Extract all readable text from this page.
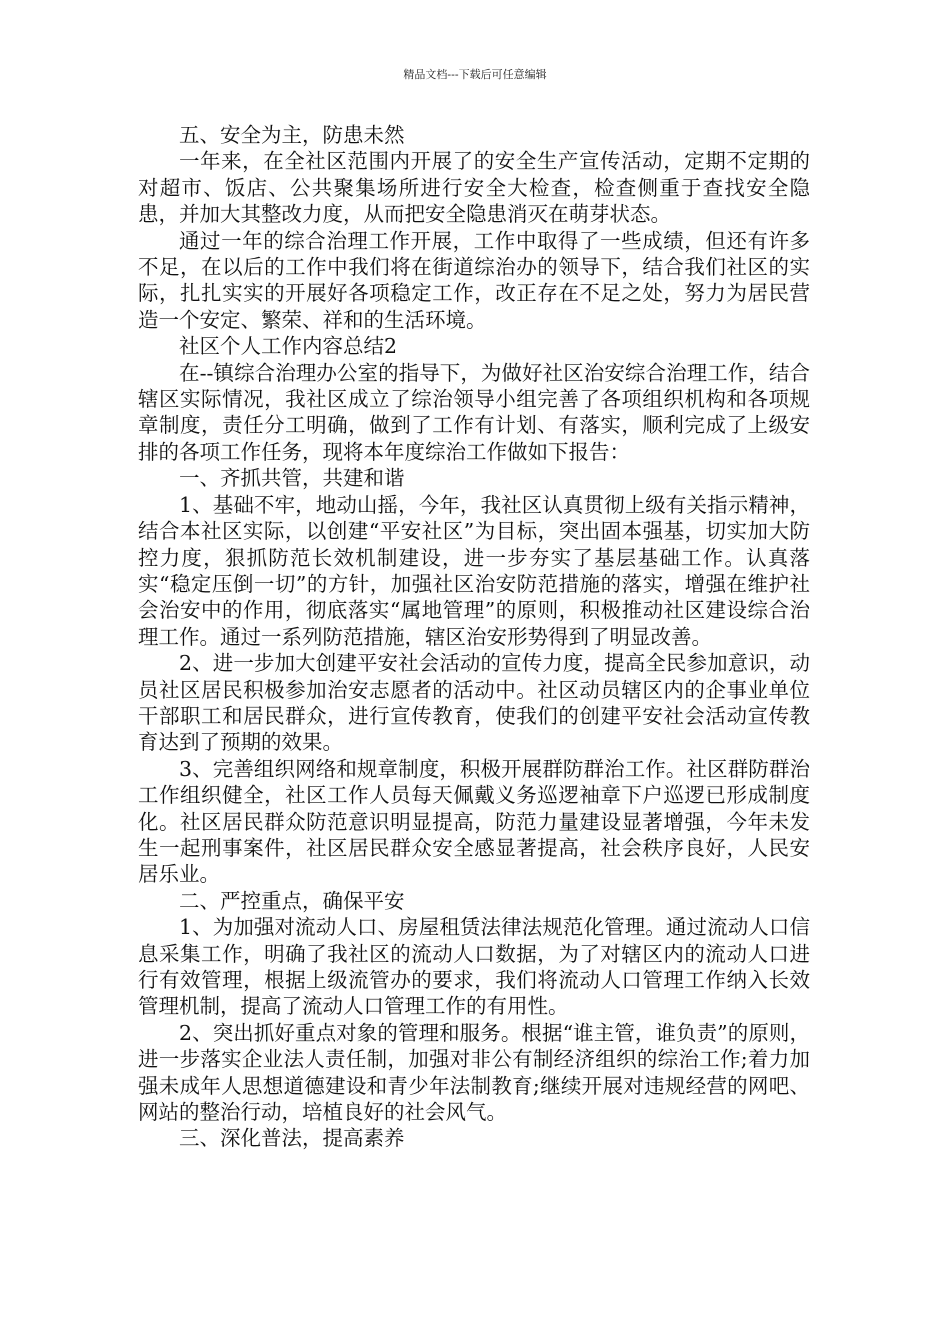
精品文档---下载后可任意编辑

五、安全为主，防患未然

一年来，在全社区范围内开展了的安全生产宣传活动，定期不定期的对超市、饭店、公共聚集场所进行安全大检查，检查侧重于查找安全隐患，并加大其整改力度，从而把安全隐患消灭在萌芽状态。

通过一年的综合治理工作开展，工作中取得了一些成绩，但还有许多不足，在以后的工作中我们将在街道综治办的领导下，结合我们社区的实际，扎扎实实的开展好各项稳定工作，改正存在不足之处，努力为居民营造一个安定、繁荣、祥和的生活环境。

社区个人工作内容总结2

在--镇综合治理办公室的指导下，为做好社区治安综合治理工作，结合辖区实际情况，我社区成立了综治领导小组完善了各项组织机构和各项规章制度，责任分工明确，做到了工作有计划、有落实，顺利完成了上级安排的各项工作任务，现将本年度综治工作做如下报告：

一、齐抓共管，共建和谐

1、基础不牢，地动山摇，今年，我社区认真贯彻上级有关指示精神，结合本社区实际，以创建“平安社区”为目标，突出固本强基，切实加大防控力度，狠抓防范长效机制建设，进一步夯实了基层基础工作。认真落实“稳定压倒一切”的方针，加强社区治安防范措施的落实，增强在维护社会治安中的作用，彻底落实“属地管理”的原则，积极推动社区建设综合治理工作。通过一系列防范措施，辖区治安形势得到了明显改善。

2、进一步加大创建平安社会活动的宣传力度，提高全民参加意识，动员社区居民积极参加治安志愿者的活动中。社区动员辖区内的企事业单位干部职工和居民群众，进行宣传教育，使我们的创建平安社会活动宣传教育达到了预期的效果。

3、完善组织网络和规章制度，积极开展群防群治工作。社区群防群治工作组织健全，社区工作人员每天佩戴义务巡逻袖章下户巡逻已形成制度化。社区居民群众防范意识明显提高，防范力量建设显著增强，今年未发生一起刑事案件，社区居民群众安全感显著提高，社会秩序良好，人民安居乐业。

二、严控重点，确保平安

1、为加强对流动人口、房屋租赁法律法规范化管理。通过流动人口信息采集工作，明确了我社区的流动人口数据，为了对辖区内的流动人口进行有效管理，根据上级流管办的要求，我们将流动人口管理工作纳入长效管理机制，提高了流动人口管理工作的有用性。

2、突出抓好重点对象的管理和服务。根据“谁主管，谁负责”的原则，进一步落实企业法人责任制，加强对非公有制经济组织的综治工作;着力加强未成年人思想道德建设和青少年法制教育;继续开展对违规经营的网吧、网站的整治行动，培植良好的社会风气。

三、深化普法，提高素养
